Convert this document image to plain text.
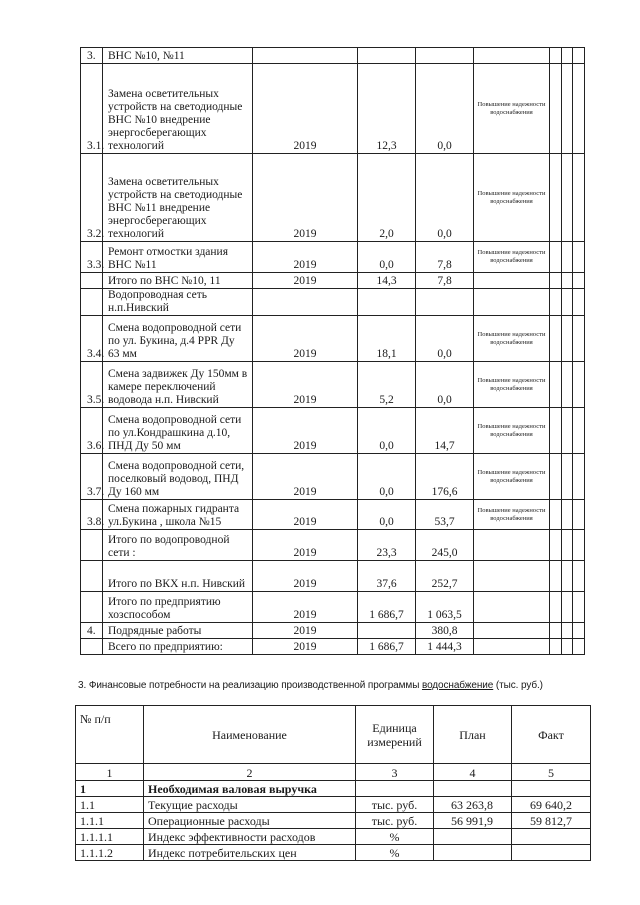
3.	ВНС №10, №11							
3.1.	Замена осветительных устройств на светодиодные ВНС №10 внедрение энергосберегающих технологий	2019	12,3	0,0	Повышение надежности водоснабжения			
3.2.	Замена осветительных устройств на светодиодные ВНС №11 внедрение энергосберегающих технологий	2019	2,0	0,0	Повышение надежности водоснабжения			
3.3.	Ремонт отмостки здания ВНС №11	2019	0,0	7,8	Повышение надежности водоснабжения			
	Итого по ВНС №10, 11	2019	14,3	7,8				
	Водопроводная сеть н.п.Нивский							
3.4.	Смена водопроводной сети по ул. Букина, д.4 PPR Ду 63 мм	2019	18,1	0,0	Повышение надежности водоснабжения			
3.5.	Смена задвижек Ду 150мм в камере переключений водовода н.п. Нивский	2019	5,2	0,0	Повышение надежности водоснабжения			
3.6.	Смена водопроводной сети по ул.Кондрашкина д.10, ПНД Ду 50 мм	2019	0,0	14,7	Повышение надежности водоснабжения			
3.7.	Смена водопроводной сети, поселковый водовод, ПНД Ду 160 мм	2019	0,0	176,6	Повышение надежности водоснабжения			
3.8.	Смена пожарных гидранта ул.Букина , школа №15	2019	0,0	53,7	Повышение надежности водоснабжения			
	Итого по водопроводной сети :	2019	23,3	245,0				
	Итого по ВКХ н.п. Нивский	2019	37,6	252,7				
	Итого по предприятию хозспособом	2019	1 686,7	1 063,5				
4.	Подрядные работы	2019		380,8				
	Всего по предприятию:	2019	1 686,7	1 444,3				
3. Финансовые потребности на реализацию производственной программы водоснабжение (тыс. руб.)
№ п/п	Наименование	Единица измерений	План	Факт
1	2	3	4	5
1	Необходимая валовая выручка			
1.1	Текущие расходы	тыс. руб.	63 263,8	69 640,2
1.1.1	Операционные расходы	тыс. руб.	56 991,9	59 812,7
1.1.1.1	Индекс эффективности расходов	%		
1.1.1.2	Индекс потребительских цен	%		
